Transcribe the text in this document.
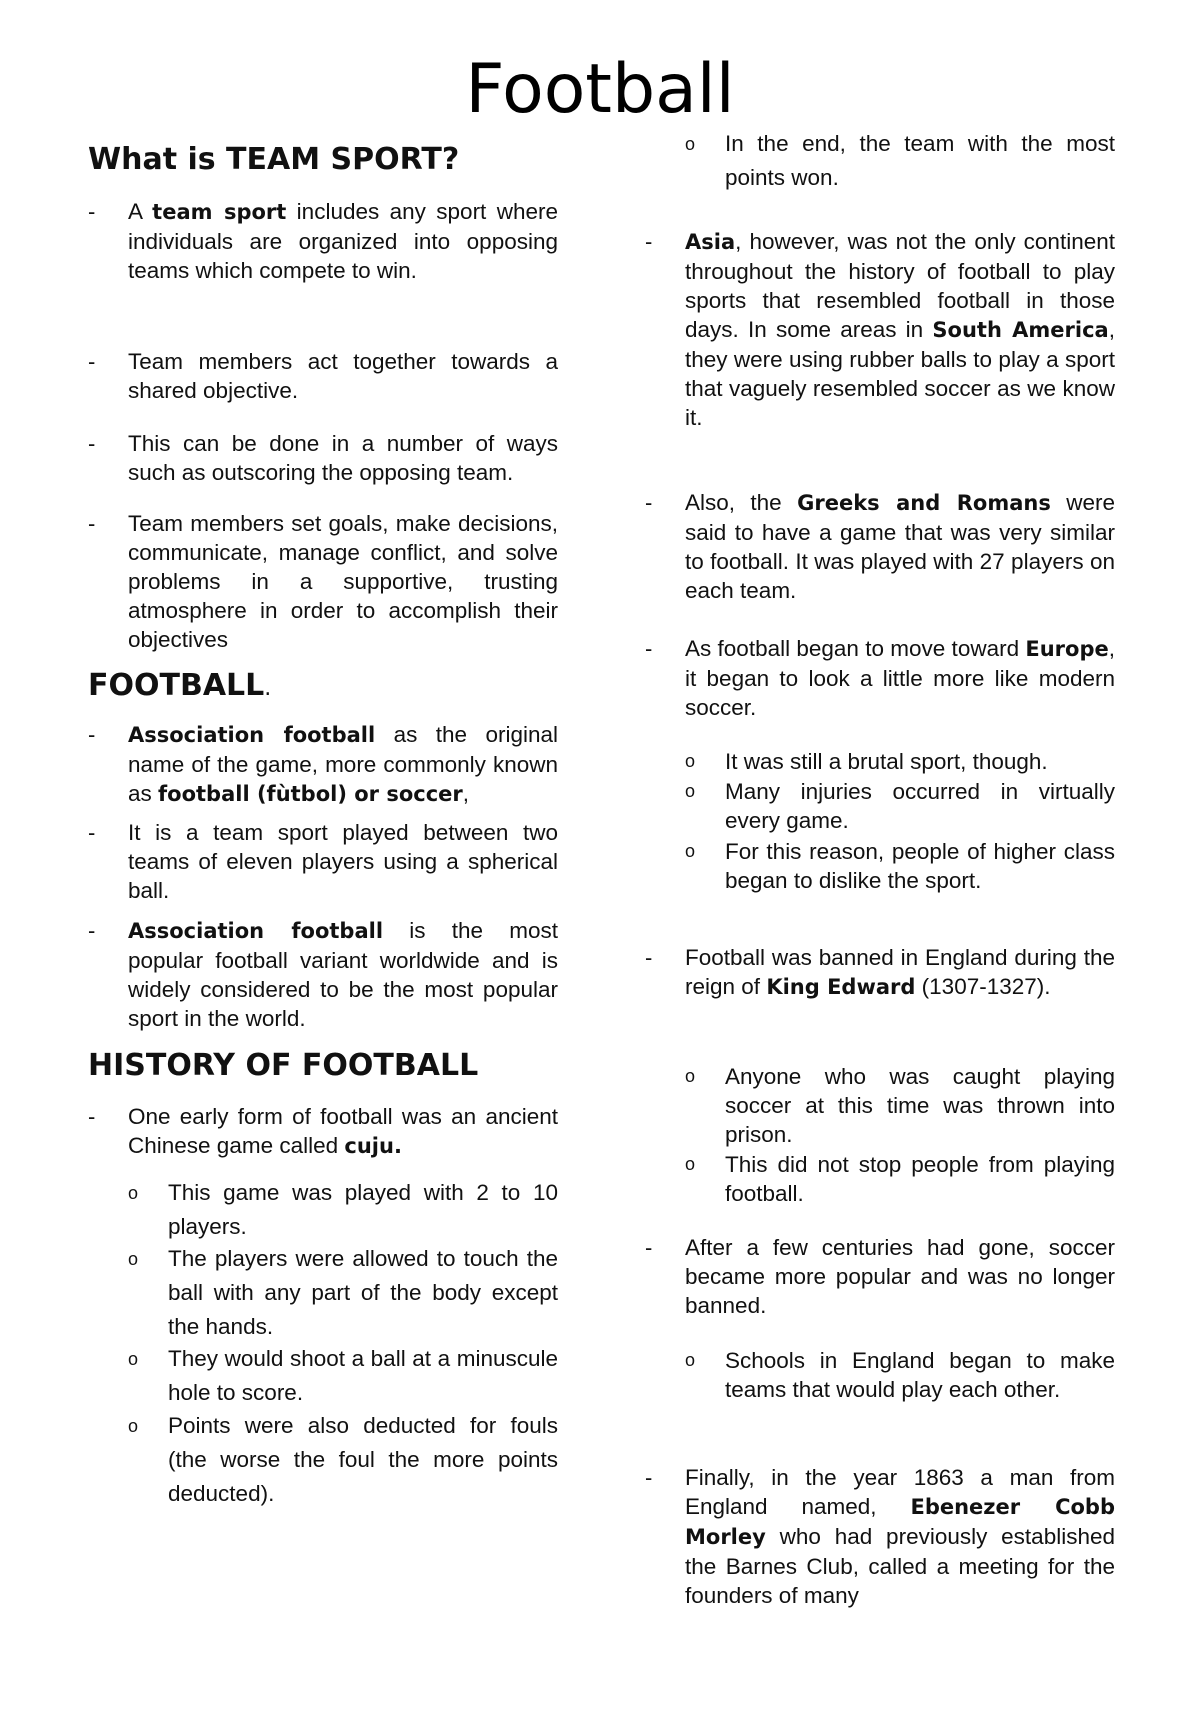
Football
What is TEAM SPORT?
-	A team sport includes any sport where individuals are organized into opposing teams which compete to win.

-	Team members act together towards a shared objective.

-	This can be done in a number of ways such as outscoring the opposing team.

-	Team members set goals, make decisions, communicate, manage conflict, and solve problems in a supportive, trusting atmosphere in order to accomplish their objectives

FOOTBALL.
-	Association football as the original name of the game, more commonly known as football (fùtbol) or soccer,

-	It is a team sport played between two teams of eleven players using a spherical ball.

-	Association football is the most popular football variant worldwide and is widely considered to be the most popular sport in the world.

HISTORY OF FOOTBALL
-	One early form of football was an ancient Chinese game called cuju.

o This game was played with 2 to 10 players.

o The players were allowed to touch the ball with any part of the body except the hands.

o They would shoot a ball at a minuscule hole to score.

o Points were also deducted for fouls (the worse the foul the more points deducted).

o In the end, the team with the most points won.

-	Asia, however, was not the only continent throughout the history of football to play sports that resembled football in those days. In some areas in South America, they were using rubber balls to play a sport that vaguely resembled soccer as we know it.

-	Also, the Greeks and Romans were said to have a game that was very similar to football. It was played with 27 players on each team.

-	As football began to move toward Europe, it began to look a little more like modern soccer.

o It was still a brutal sport, though.

o Many injuries occurred in virtually every game.

o For this reason, people of higher class began to dislike the sport.

-	Football was banned in England during the reign of King Edward (1307-1327).

o Anyone who was caught playing soccer at this time was thrown into prison.

o This did not stop people from playing football.

-	After a few centuries had gone, soccer became more popular and was no longer banned.

o Schools in England began to make teams that would play each other.

-	Finally, in the year 1863 a man from England named, Ebenezer Cobb Morley who had previously established the Barnes Club, called a meeting for the founders of many
